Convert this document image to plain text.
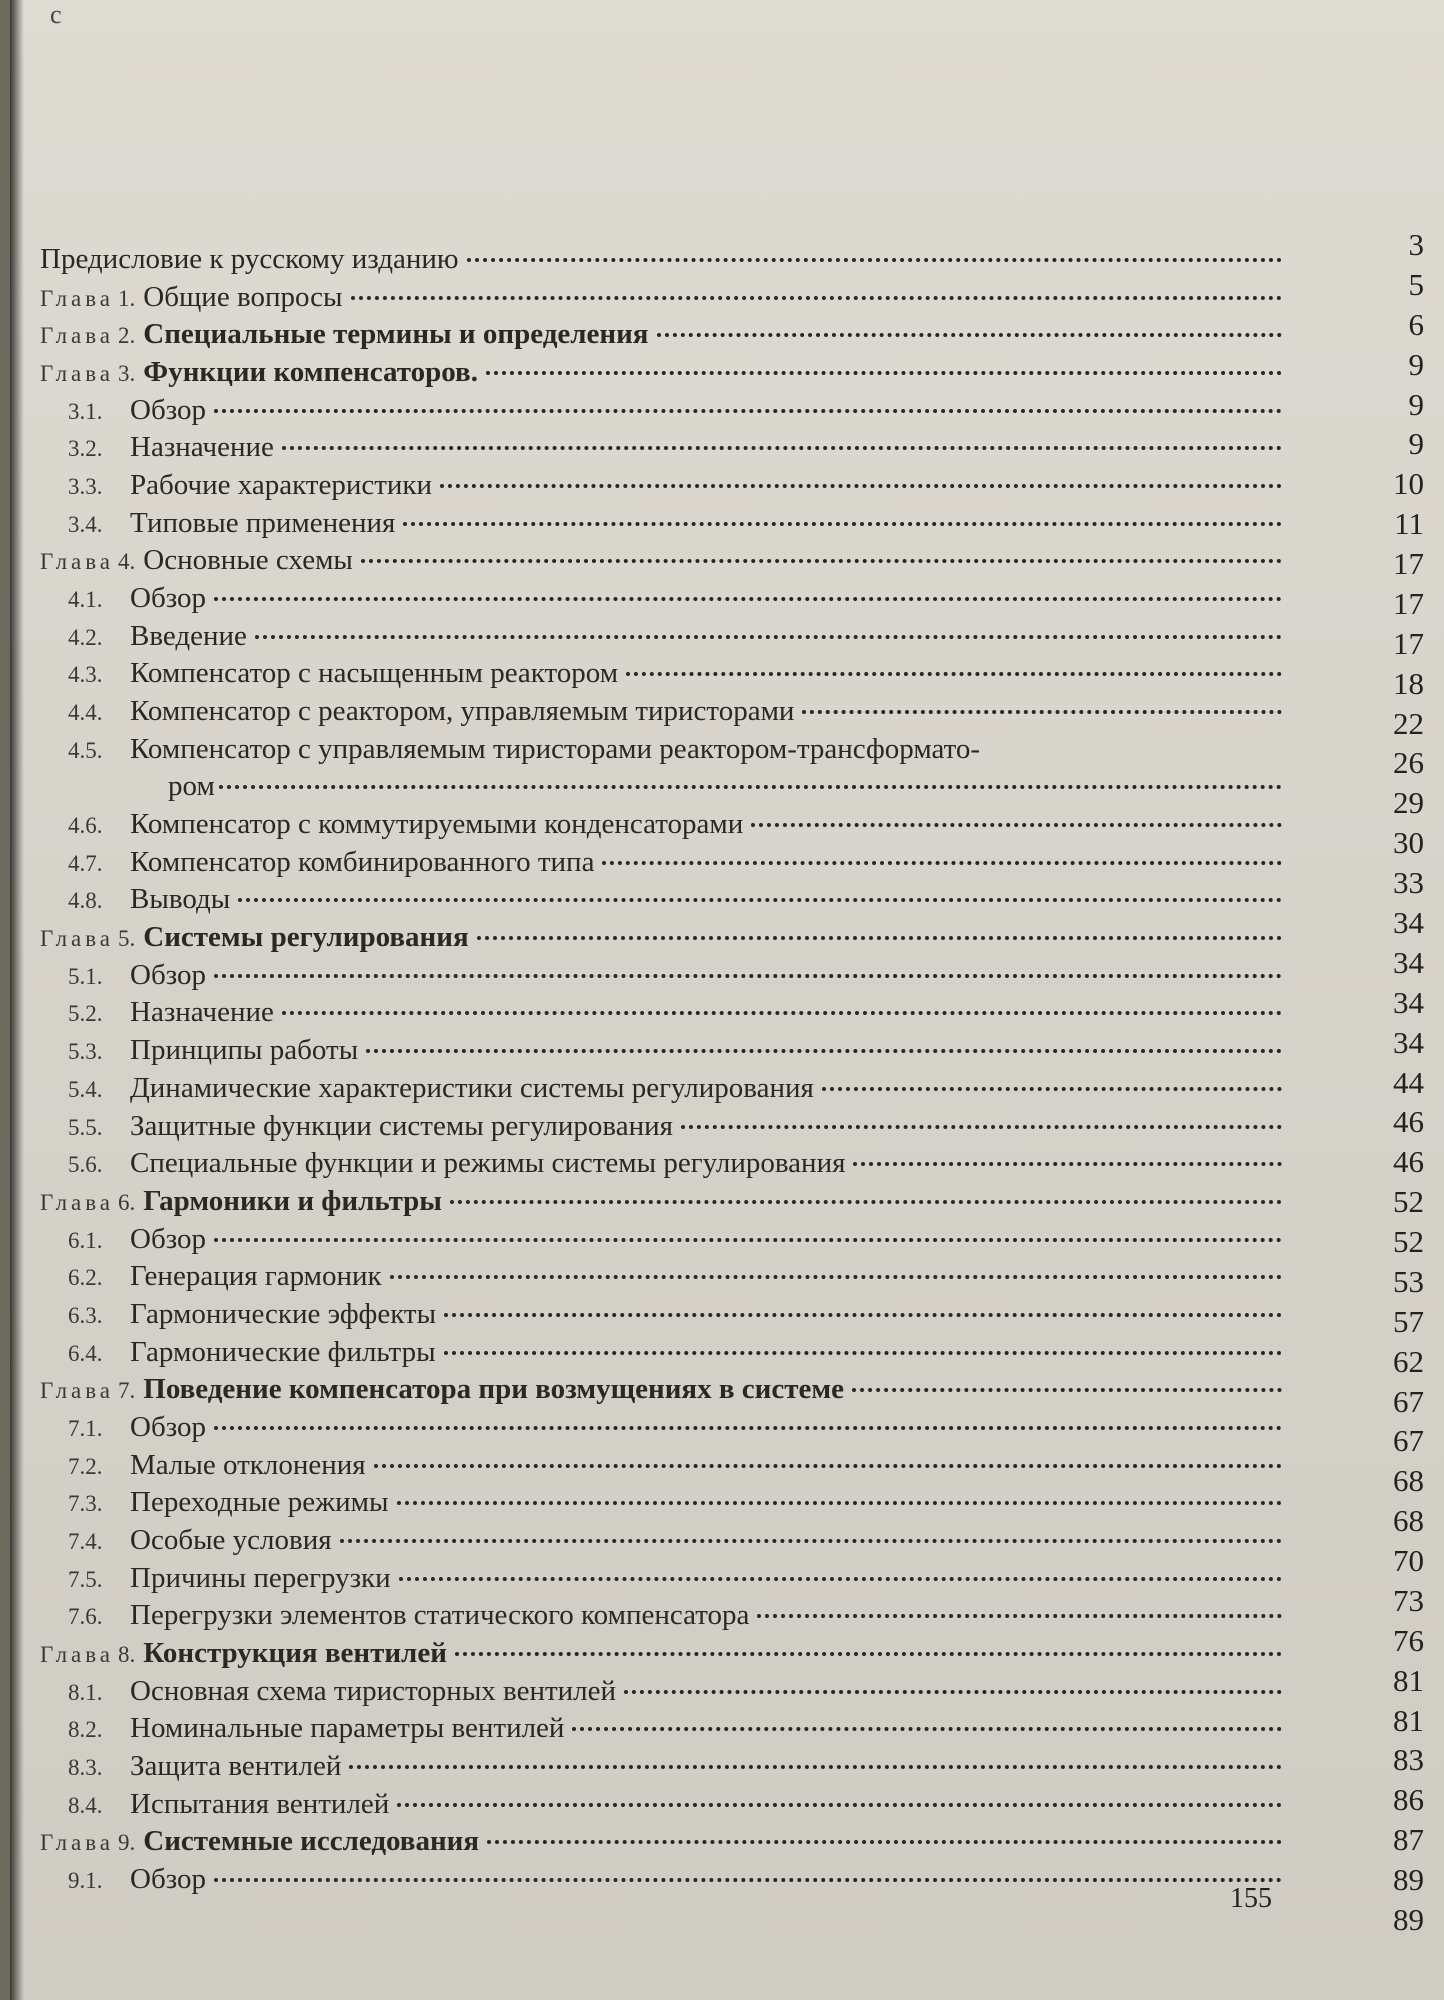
c
Предисловие к русскому изданию
Глава 1. Общие вопросы
Глава 2. Специальные термины и определения
Глава 3. Функции компенсаторов.
3.1. Обзор
3.2. Назначение
3.3. Рабочие характеристики
3.4. Типовые применения
Глава 4. Основные схемы
4.1. Обзор
4.2. Введение
4.3. Компенсатор с насыщенным реактором
4.4. Компенсатор с реактором, управляемым тиристорами
4.5. Компенсатор с управляемым тиристорами реактором-трансформато-
ром
4.6. Компенсатор с коммутируемыми конденсаторами
4.7. Компенсатор комбинированного типа
4.8. Выводы
Глава 5. Системы регулирования
5.1. Обзор
5.2. Назначение
5.3. Принципы работы
5.4. Динамические характеристики системы регулирования
5.5. Защитные функции системы регулирования
5.6. Специальные функции и режимы системы регулирования
Глава 6. Гармоники и фильтры
6.1. Обзор
6.2. Генерация гармоник
6.3. Гармонические эффекты
6.4. Гармонические фильтры
Глава 7. Поведение компенсатора при возмущениях в системе
7.1. Обзор
7.2. Малые отклонения
7.3. Переходные режимы
7.4. Особые условия
7.5. Причины перегрузки
7.6. Перегрузки элементов статического компенсатора
Глава 8. Конструкция вентилей
8.1. Основная схема тиристорных вентилей
8.2. Номинальные параметры вентилей
8.3. Защита вентилей
8.4. Испытания вентилей
Глава 9. Системные исследования
9.1. Обзор
3
5
6
9
9
9
10
11
17
17
17
18
22
26
29
30
33
34
34
34
34
44
46
46
52
52
53
57
62
67
67
68
68
70
73
76
81
81
83
86
87
89
89
155
